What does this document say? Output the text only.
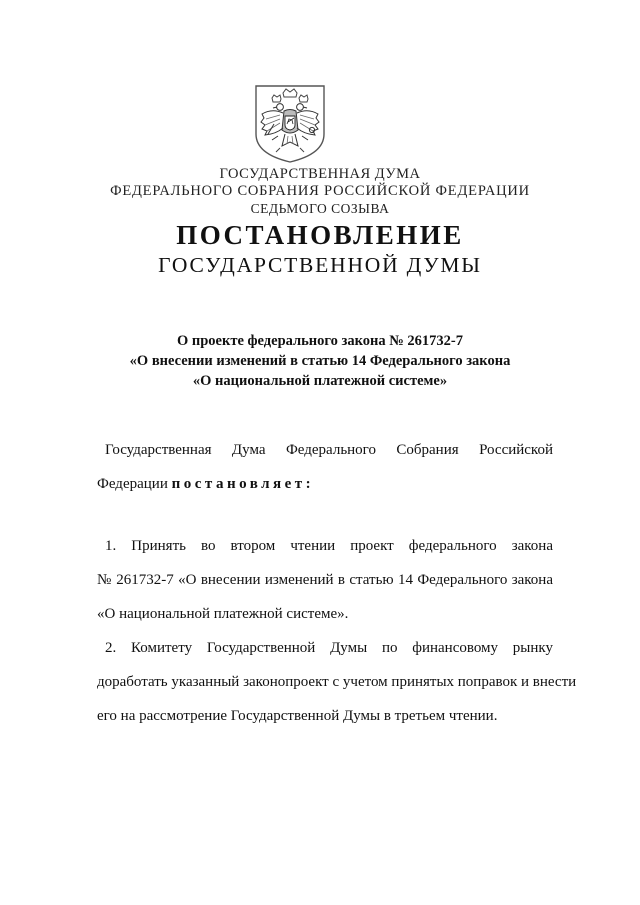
ГОСУДАРСТВЕННАЯ ДУМА
ФЕДЕРАЛЬНОГО СОБРАНИЯ РОССИЙСКОЙ ФЕДЕРАЦИИ
СЕДЬМОГО СОЗЫВА
ПОСТАНОВЛЕНИЕ
ГОСУДАРСТВЕННОЙ ДУМЫ
О проекте федерального закона № 261732-7
«О внесении изменений в статью 14 Федерального закона
«О национальной платежной системе»
Государственная Дума Федерального Собрания Российской
Федерации постановляет:
1. Принять во втором чтении проект федерального закона
№ 261732-7 «О внесении изменений в статью 14 Федерального закона
«О национальной платежной системе».
2. Комитету Государственной Думы по финансовому рынку
доработать указанный законопроект с учетом принятых поправок и внести
его на рассмотрение Государственной Думы в третьем чтении.
